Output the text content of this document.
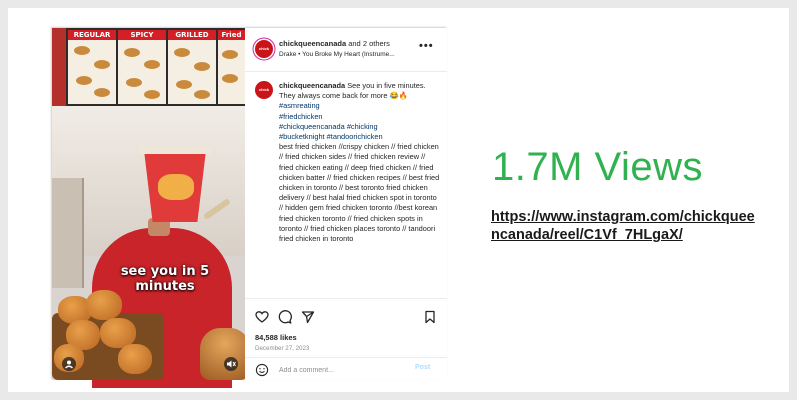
REGULAR	SPICY	GRILLED	Fried
see you in 5 minutes
chick queen
chickqueencanada and 2 others
Drake • You Broke My Heart (Instrume...
•••
chick queen
chickqueencanada See you in five minutes. They always come back for more 😂🔥 #asmreating
#friedchicken
#chickqueencanada #chicking
#bucketknight #tandoorichicken
best fried chicken //crispy chicken // fried chicken // fried chicken sides // fried chicken review // fried chicken eating // deep fried chicken // fried chicken batter // fried chicken recipes // best fried chicken in toronto // best toronto fried chicken delivery // best halal fried chicken spot in toronto // hidden gem fried chicken toronto //best korean fried chicken toronto // fried chicken spots in toronto // fried chicken places toronto // tandoori fried chicken in toronto
84,588 likes
December 27, 2023
Add a comment...
Post
1.7M Views
https://www.instagram.com/chickqueencanada/reel/C1Vf_7HLgaX/
